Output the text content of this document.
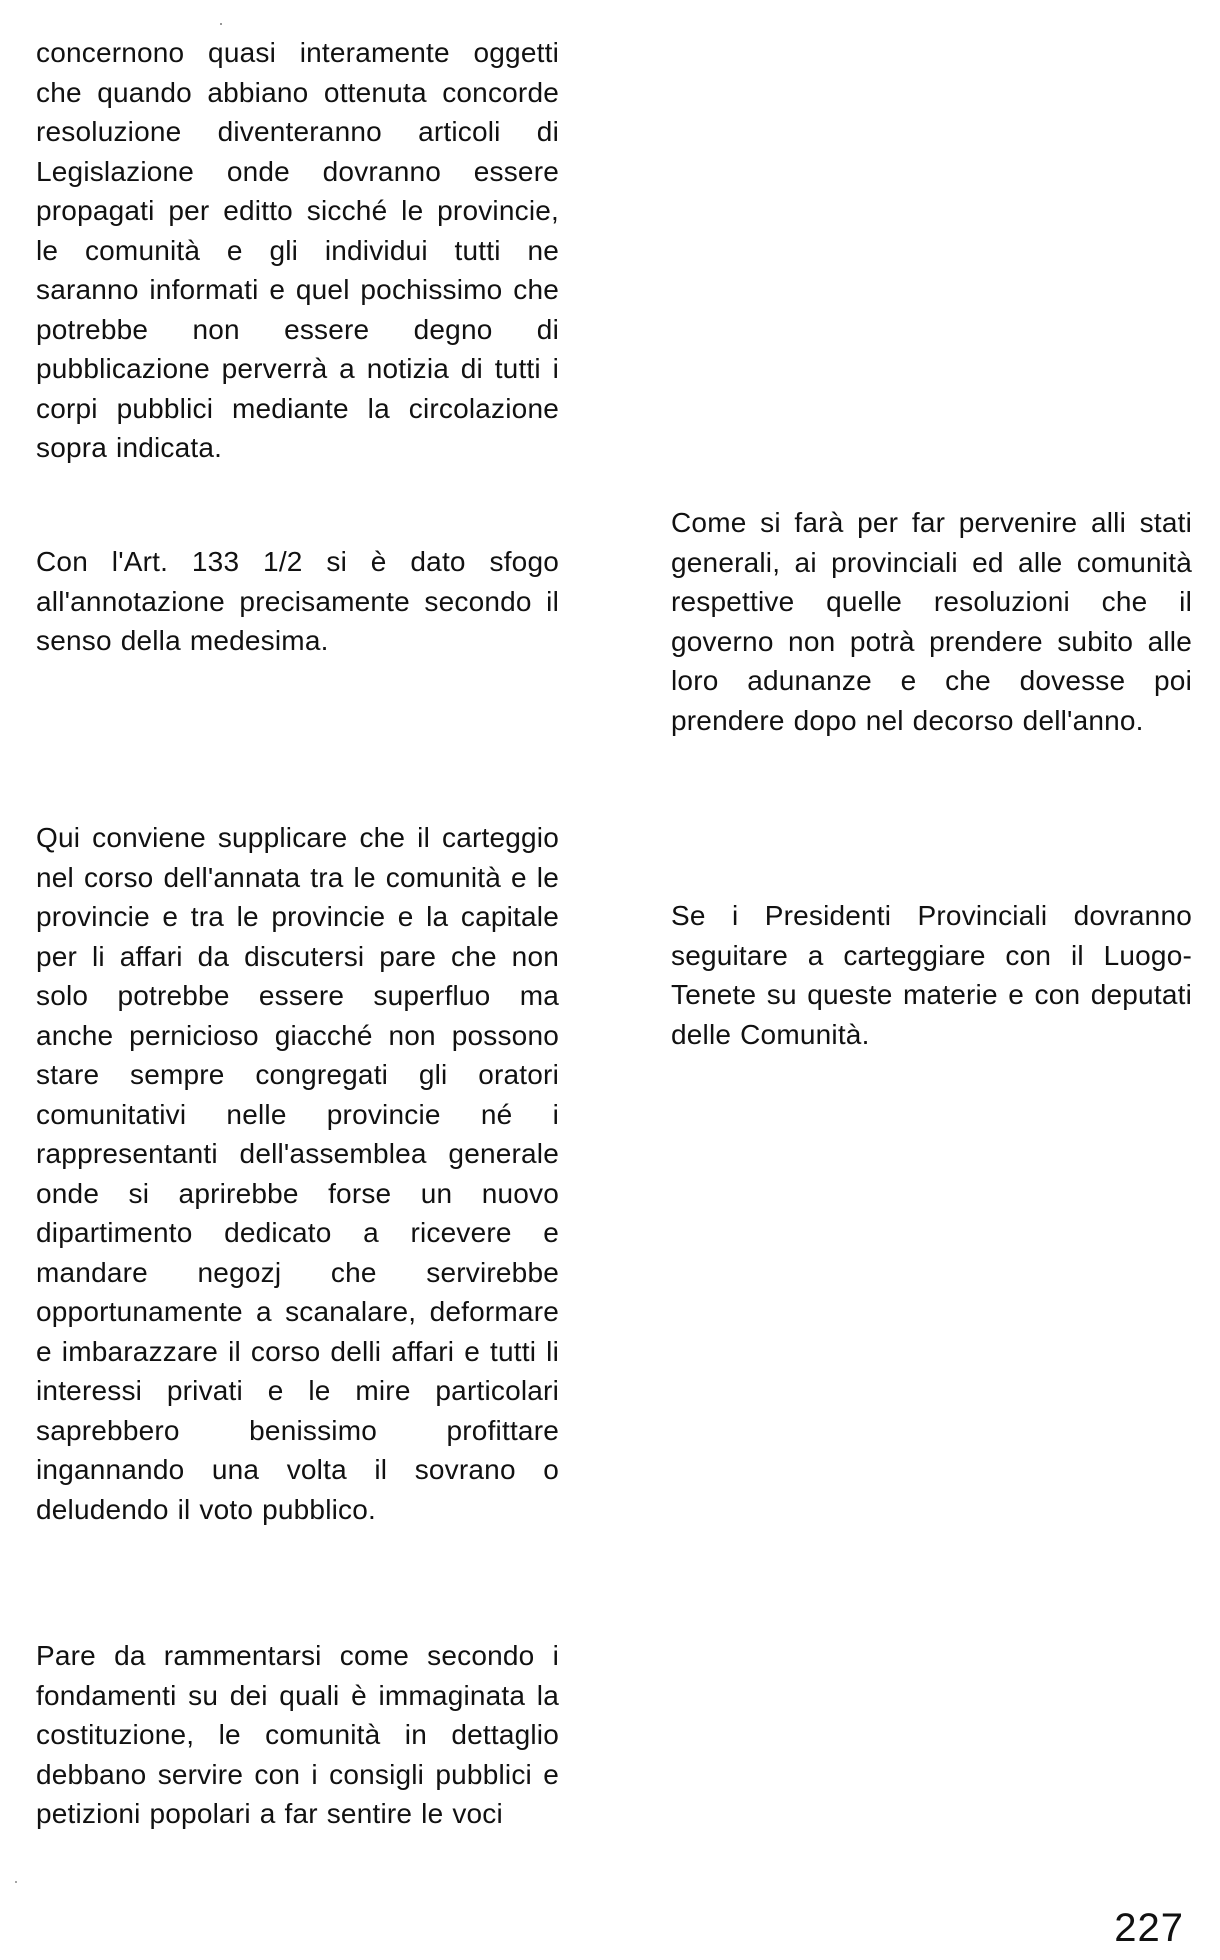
concernono quasi interamente oggetti che quando abbiano ottenuta concorde resoluzione diventeranno articoli di Legislazione onde dovranno essere propagati per editto sicché le provincie, le comunità e gli individui tutti ne saranno informati e quel pochissimo che potrebbe non essere degno di pubblicazione perverrà a notizia di tutti i corpi pubblici mediante la circolazione sopra indicata.

Con l'Art. 133 1/2 si è dato sfogo all'annotazione precisamente secondo il senso della medesima.

Qui conviene supplicare che il carteggio nel corso dell'annata tra le comunità e le provincie e tra le provincie e la capitale per li affari da discutersi pare che non solo potrebbe essere superfluo ma anche pernicioso giacché non possono stare sempre congregati gli oratori comunitativi nelle provincie né i rappresentanti dell'assemblea generale onde si aprirebbe forse un nuovo dipartimento dedicato a ricevere e mandare negozj che servirebbe opportunamente a scanalare, deformare e imbarazzare il corso delli affari e tutti li interessi privati e le mire particolari saprebbero benissimo profittare ingannando una volta il sovrano o deludendo il voto pubblico.

Pare da rammentarsi come secondo i fondamenti su dei quali è immaginata la costituzione, le comunità in dettaglio debbano servire con i consigli pubblici e petizioni popolari a far sentire le voci

Come si farà per far pervenire alli stati generali, ai provinciali ed alle comunità respettive quelle resoluzioni che il governo non potrà prendere subito alle loro adunanze e che dovesse poi prendere dopo nel decorso dell'anno.

Se i Presidenti Provinciali dovranno seguitare a carteggiare con il Luogo-Tenete su queste materie e con deputati delle Comunità.

227
